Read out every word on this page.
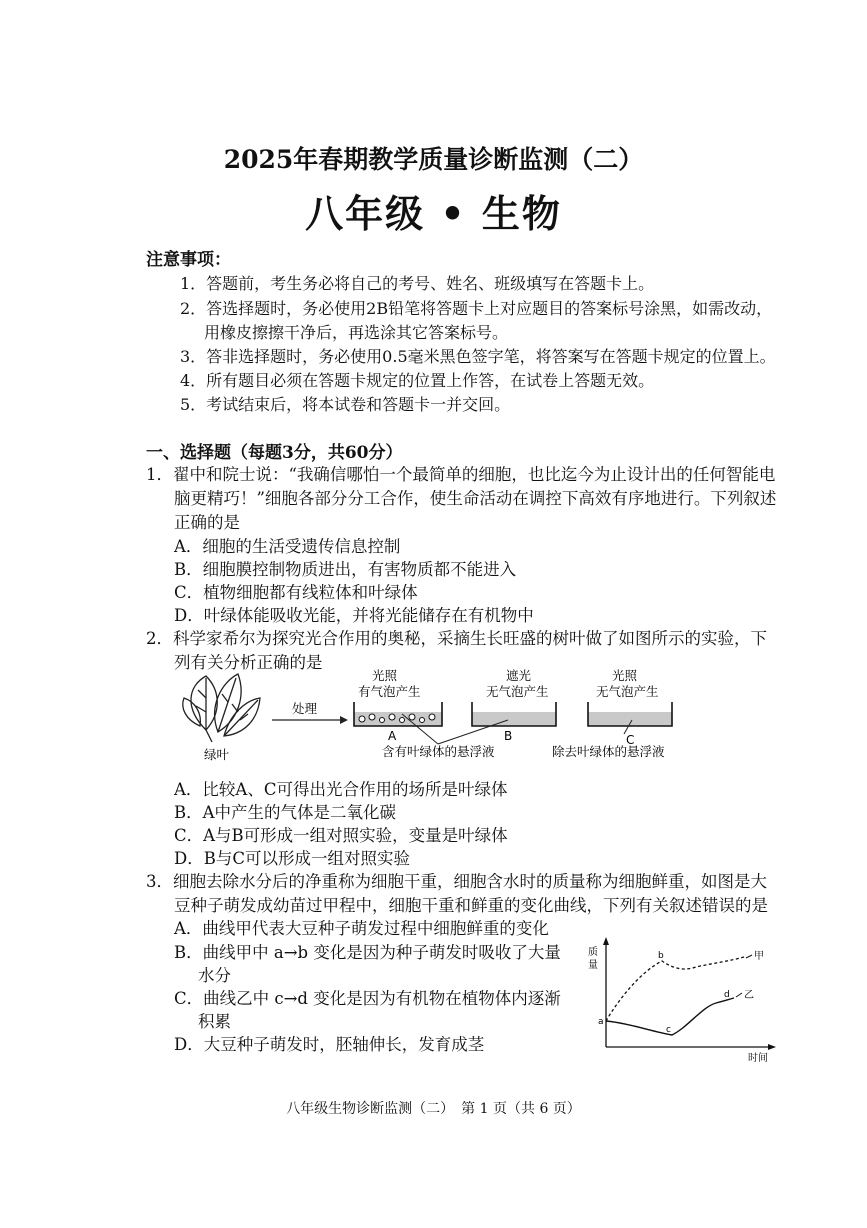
2025年春期教学质量诊断监测（二）
八年级 • 生物
注意事项：
1．答题前，考生务必将自己的考号、姓名、班级填写在答题卡上。
2．答选择题时，务必使用2B铅笔将答题卡上对应题目的答案标号涂黑，如需改动，
用橡皮擦擦干净后，再选涂其它答案标号。
3．答非选择题时，务必使用0.5毫米黑色签字笔，将答案写在答题卡规定的位置上。
4．所有题目必须在答题卡规定的位置上作答，在试卷上答题无效。
5．考试结束后，将本试卷和答题卡一并交回。
一、选择题（每题3分，共60分）
1．翟中和院士说：“我确信哪怕一个最简单的细胞，也比迄今为止设计出的任何智能电
脑更精巧！”细胞各部分分工合作，使生命活动在调控下高效有序地进行。下列叙述
正确的是
A．细胞的生活受遗传信息控制
B．细胞膜控制物质进出，有害物质都不能进入
C．植物细胞都有线粒体和叶绿体
D．叶绿体能吸收光能，并将光能储存在有机物中
2．科学家希尔为探究光合作用的奥秘，采摘生长旺盛的树叶做了如图所示的实验，下
列有关分析正确的是
绿叶
处理
光照
有气泡产生
A
遮光
无气泡产生
B
含有叶绿体的悬浮液
光照
无气泡产生
C
除去叶绿体的悬浮液
A．比较A、C可得出光合作用的场所是叶绿体
B．A中产生的气体是二氧化碳
C．A与B可形成一组对照实验，变量是叶绿体
D．B与C可以形成一组对照实验
3．细胞去除水分后的净重称为细胞干重，细胞含水时的质量称为细胞鲜重，如图是大
豆种子萌发成幼苗过甲程中，细胞干重和鲜重的变化曲线，下列有关叙述错误的是
A．曲线甲代表大豆种子萌发过程中细胞鲜重的变化
B．曲线甲中 a→b 变化是因为种子萌发时吸收了大量
水分
C．曲线乙中 c→d 变化是因为有机物在植物体内逐渐
积累
D．大豆种子萌发时，胚轴伸长，发育成茎
质
量
时间
a
b
c
d
甲
乙
八年级生物诊断监测（二）　第 1 页（共 6 页）
